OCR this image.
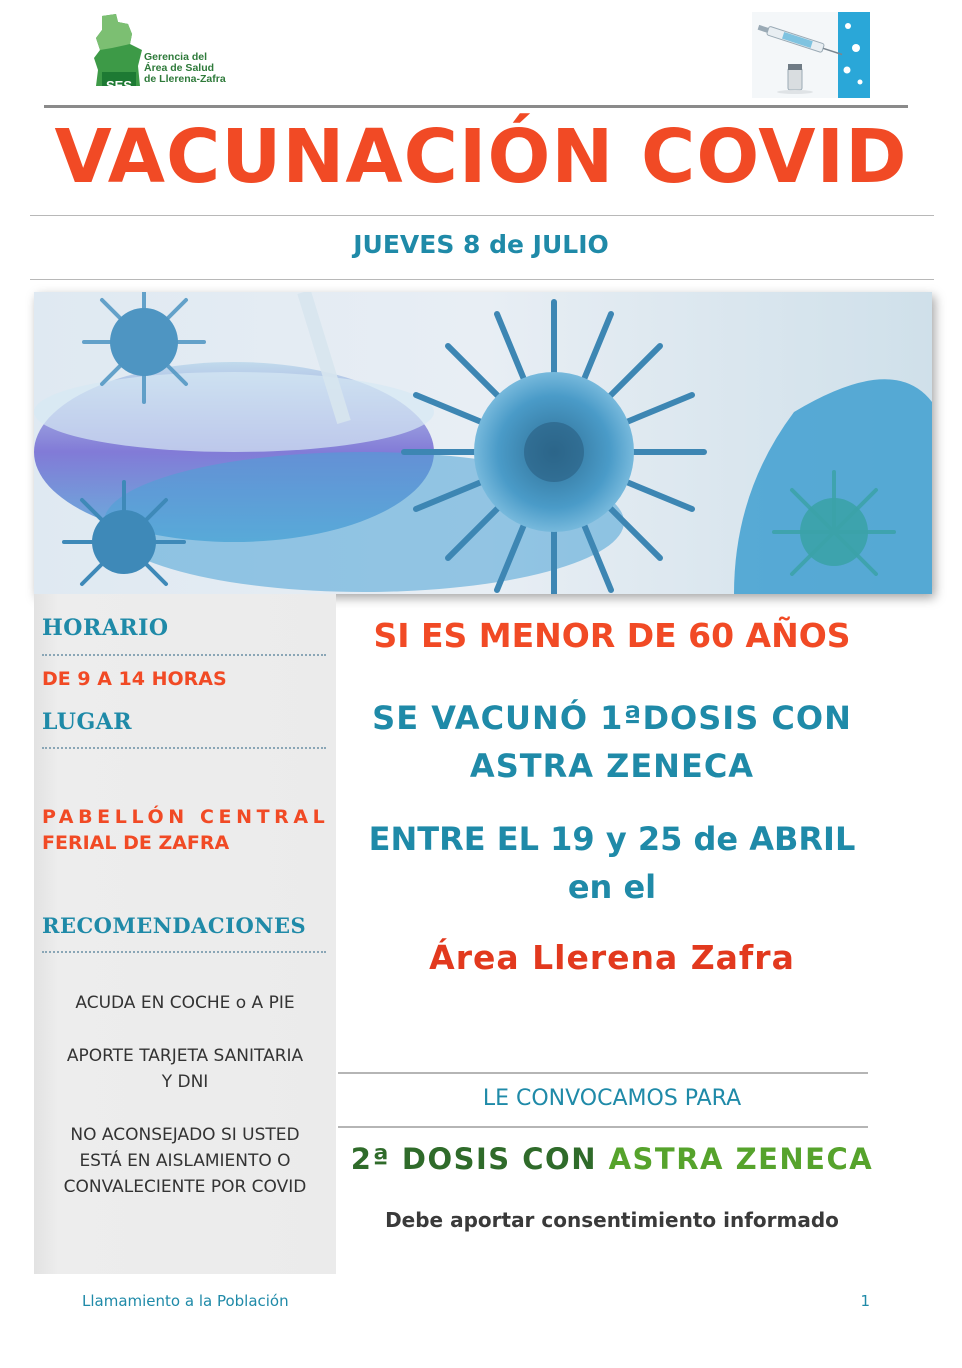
SES
Gerencia del
Área de Salud
de Llerena-Zafra
VACUNACIÓN COVID
JUEVES 8 de JULIO
HORARIO
DE 9 A 14 HORAS
LUGAR
PABELLÓN CENTRAL
FERIAL DE ZAFRA
RECOMENDACIONES
ACUDA EN COCHE o A PIE
APORTE TARJETA SANITARIA
Y DNI
NO ACONSEJADO SI USTED
ESTÁ EN AISLAMIENTO O
CONVALECIENTE POR COVID
SI ES MENOR DE 60 AÑOS
SE VACUNÓ 1ªDOSIS CON
ASTRA ZENECA
ENTRE EL 19 y 25 de ABRIL
en el
Área Llerena Zafra
LE CONVOCAMOS PARA
2ª DOSIS CON ASTRA ZENECA
Debe aportar consentimiento informado
Llamamiento a la Población	1
